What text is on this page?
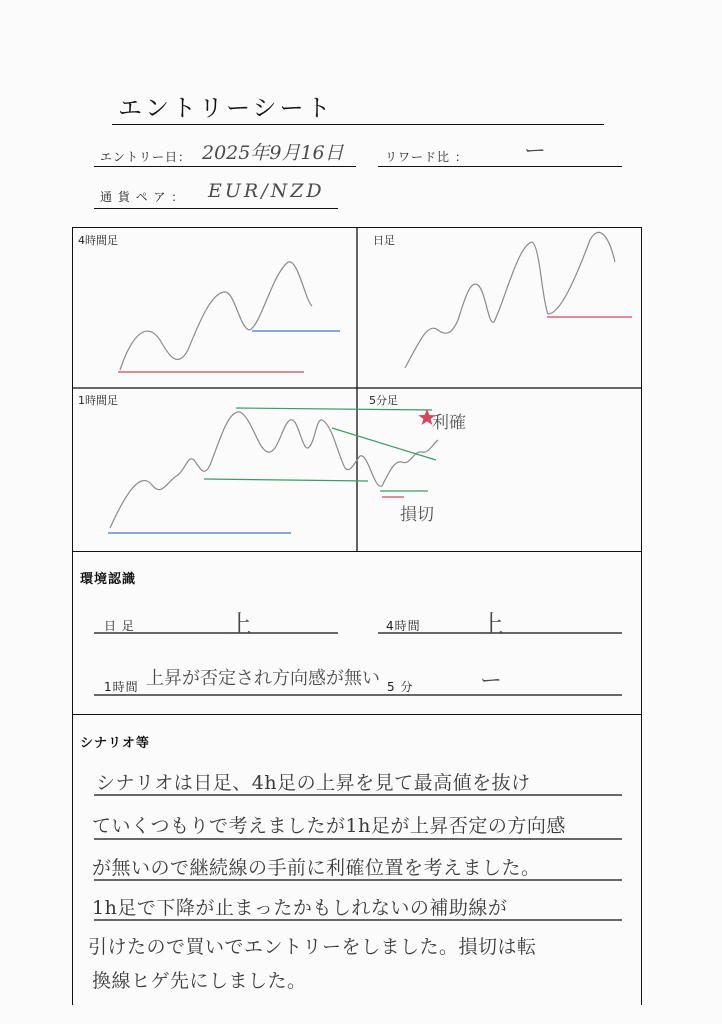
エントリーシート
エントリー日： 2025年9月16日	リワード比 ： ー
通 貨 ペ ア ： EUR/NZD
4時間足	日足
1時間足	5分足
利確
損切
環境認識
日 足	上	4時間 上
1時間 上昇が否定され方向感が無い 5 分	ー
シナリオ等
シナリオは日足、4h足の上昇を見て最高値を抜け
ていくつもりで考えましたが1h足が上昇否定の方向感
が無いので継続線の手前に利確位置を考えました。
1h足で下降が止まったかもしれないの補助線が
引けたので買いでエントリーをしました。損切は転
換線ヒゲ先にしました。
